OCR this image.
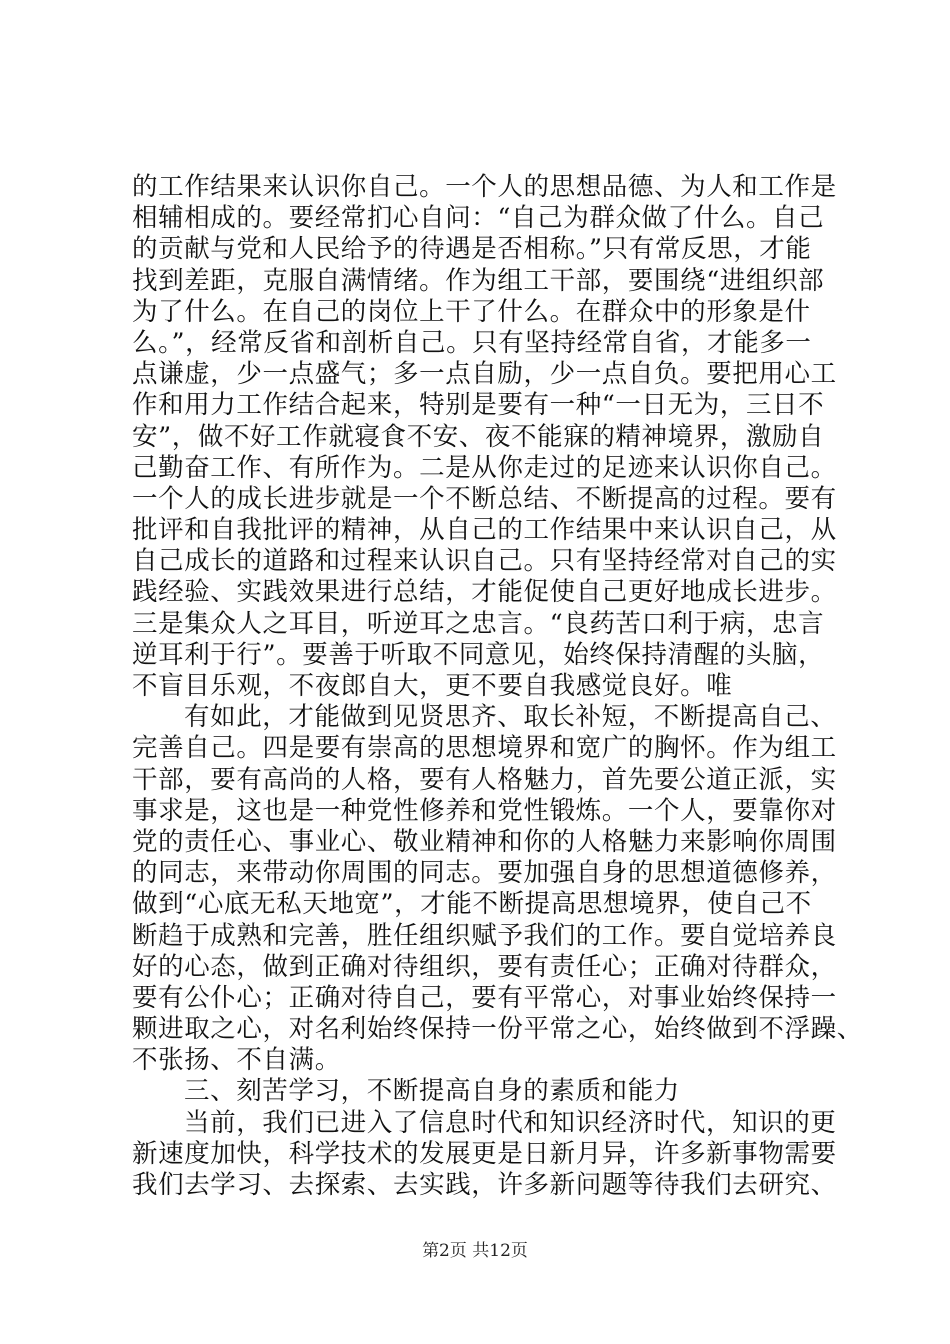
的工作结果来认识你自己。一个人的思想品德、为人和工作是
相辅相成的。要经常扪心自问：“自己为群众做了什么。自己
的贡献与党和人民给予的待遇是否相称。”只有常反思，才能
找到差距，克服自满情绪。作为组工干部，要围绕“进组织部
为了什么。在自己的岗位上干了什么。在群众中的形象是什
么。”，经常反省和剖析自己。只有坚持经常自省，才能多一
点谦虚，少一点盛气；多一点自励，少一点自负。要把用心工
作和用力工作结合起来，特别是要有一种“一日无为，三日不
安”，做不好工作就寝食不安、夜不能寐的精神境界，激励自
己勤奋工作、有所作为。二是从你走过的足迹来认识你自己。
一个人的成长进步就是一个不断总结、不断提高的过程。要有
批评和自我批评的精神，从自己的工作结果中来认识自己，从
自己成长的道路和过程来认识自己。只有坚持经常对自己的实
践经验、实践效果进行总结，才能促使自己更好地成长进步。
三是集众人之耳目，听逆耳之忠言。“良药苦口利于病，忠言
逆耳利于行”。要善于听取不同意见，始终保持清醒的头脑，
不盲目乐观，不夜郎自大，更不要自我感觉良好。唯
有如此，才能做到见贤思齐、取长补短，不断提高自己、
完善自己。四是要有崇高的思想境界和宽广的胸怀。作为组工
干部，要有高尚的人格，要有人格魅力，首先要公道正派，实
事求是，这也是一种党性修养和党性锻炼。一个人，要靠你对
党的责任心、事业心、敬业精神和你的人格魅力来影响你周围
的同志，来带动你周围的同志。要加强自身的思想道德修养，
做到“心底无私天地宽”，才能不断提高思想境界，使自己不
断趋于成熟和完善，胜任组织赋予我们的工作。要自觉培养良
好的心态，做到正确对待组织，要有责任心；正确对待群众，
要有公仆心；正确对待自己，要有平常心，对事业始终保持一
颗进取之心，对名利始终保持一份平常之心，始终做到不浮躁、
不张扬、不自满。
三、刻苦学习，不断提高自身的素质和能力
当前，我们已进入了信息时代和知识经济时代，知识的更
新速度加快，科学技术的发展更是日新月异，许多新事物需要
我们去学习、去探索、去实践，许多新问题等待我们去研究、
第2页 共12页
